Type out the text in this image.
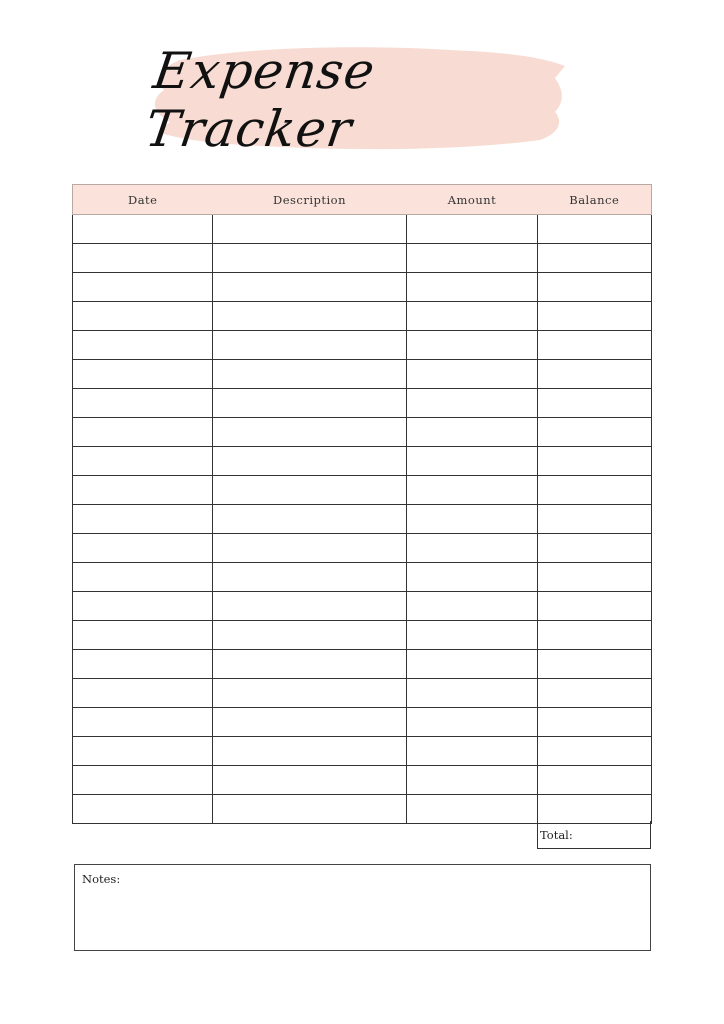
Expense Tracker
Date	Description	Amount	Balance

Total:
Notes:
